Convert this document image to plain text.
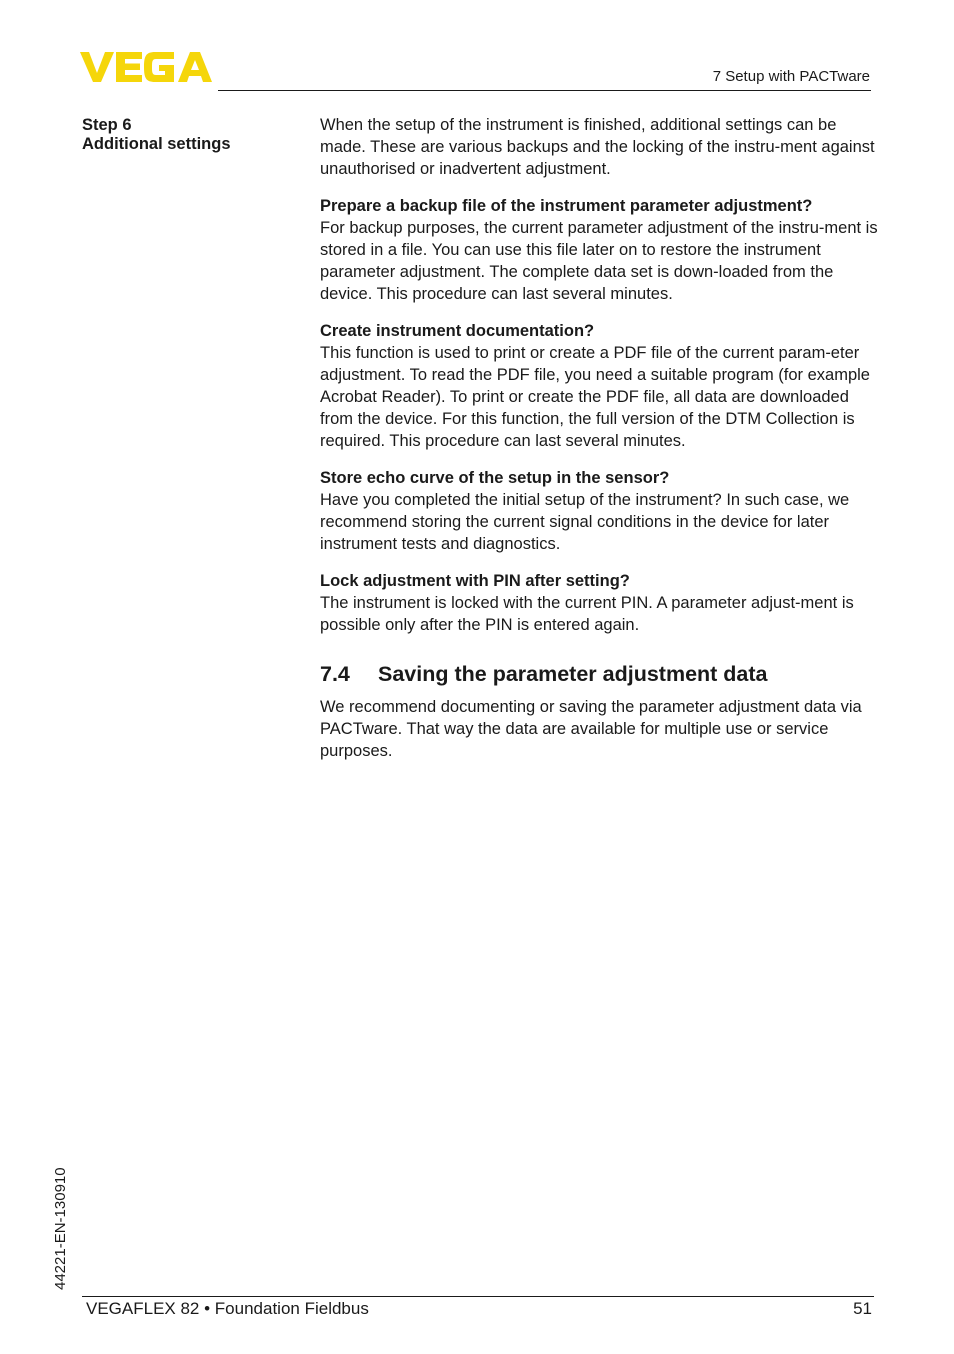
7 Setup with PACTware
Step 6
Additional settings

When the setup of the instrument is finished, additional settings can be made. These are various backups and the locking of the instru-ment against unauthorised or inadvertent adjustment.

Prepare a backup file of the instrument parameter adjustment?
For backup purposes, the current parameter adjustment of the instru-ment is stored in a file. You can use this file later on to restore the instrument parameter adjustment. The complete data set is down-loaded from the device. This procedure can last several minutes.

Create instrument documentation?
This function is used to print or create a PDF file of the current param-eter adjustment. To read the PDF file, you need a suitable program (for example Acrobat Reader). To print or create the PDF file, all data are downloaded from the device. For this function, the full version of the DTM Collection is required. This procedure can last several minutes.

Store echo curve of the setup in the sensor?
Have you completed the initial setup of the instrument? In such case, we recommend storing the current signal conditions in the device for later instrument tests and diagnostics.

Lock adjustment with PIN after setting?
The instrument is locked with the current PIN. A parameter adjust-ment is possible only after the PIN is entered again.

7.4 Saving the parameter adjustment data

We recommend documenting or saving the parameter adjustment data via PACTware. That way the data are available for multiple use or service purposes.

44221-EN-130910
VEGAFLEX 82 • Foundation Fieldbus	51
